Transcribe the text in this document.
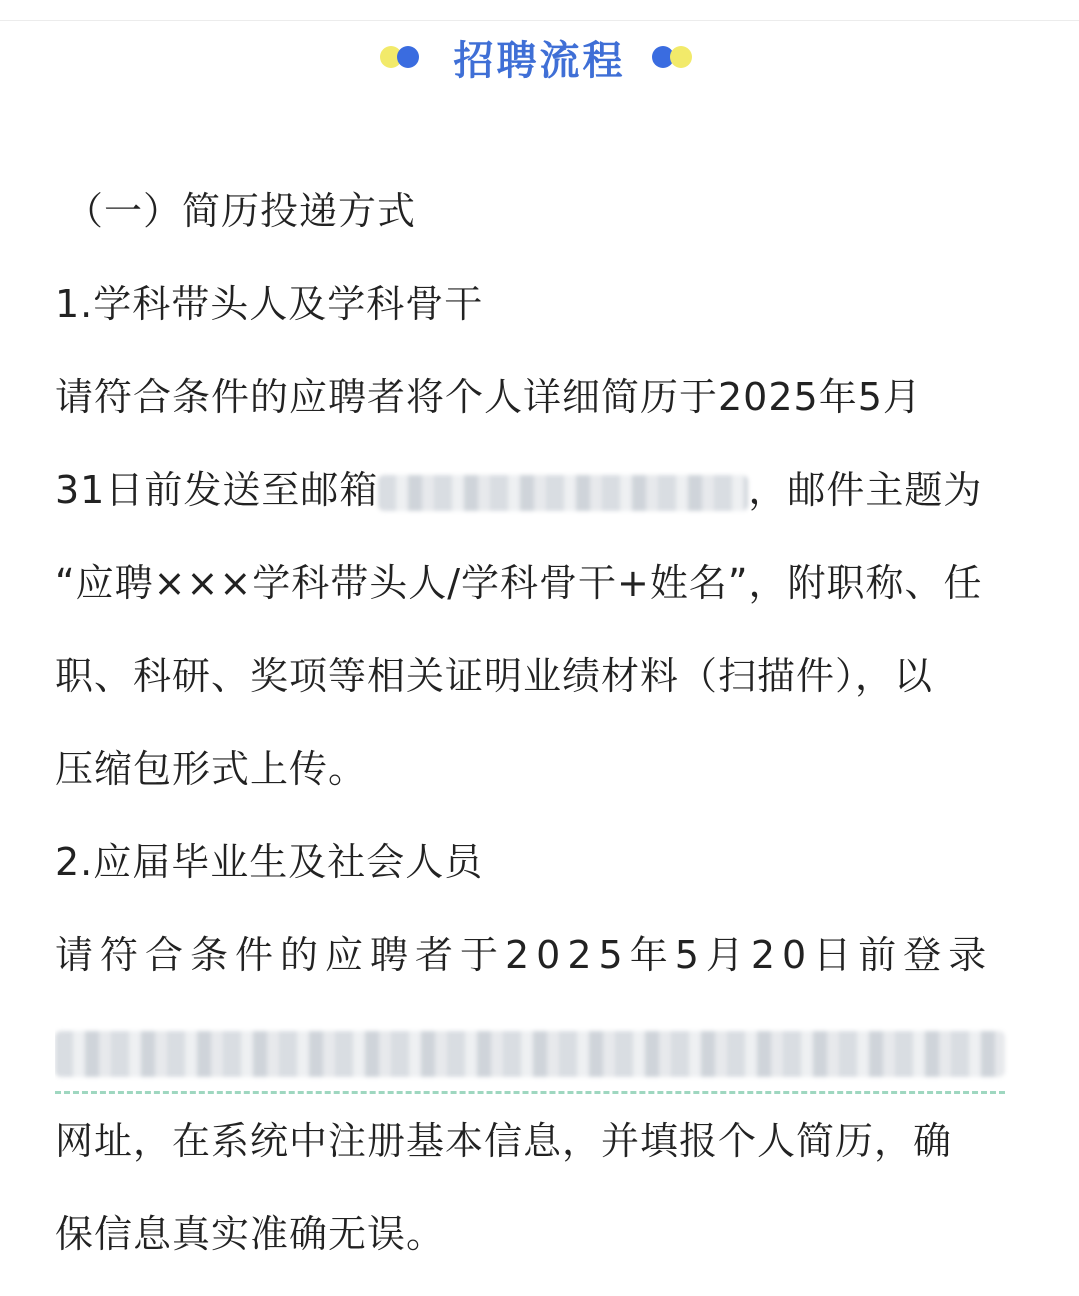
招聘流程
（一）简历投递方式
1.学科带头人及学科骨干
请符合条件的应聘者将个人详细简历于2025年5月
31日前发送至邮箱	，邮件主题为
“应聘×××学科带头人/学科骨干+姓名”，附职称、任
职、科研、奖项等相关证明业绩材料（扫描件），以
压缩包形式上传。
2.应届毕业生及社会人员
请符合条件的应聘者于2025年5月20日前登录
网址，在系统中注册基本信息，并填报个人简历，确
保信息真实准确无误。
